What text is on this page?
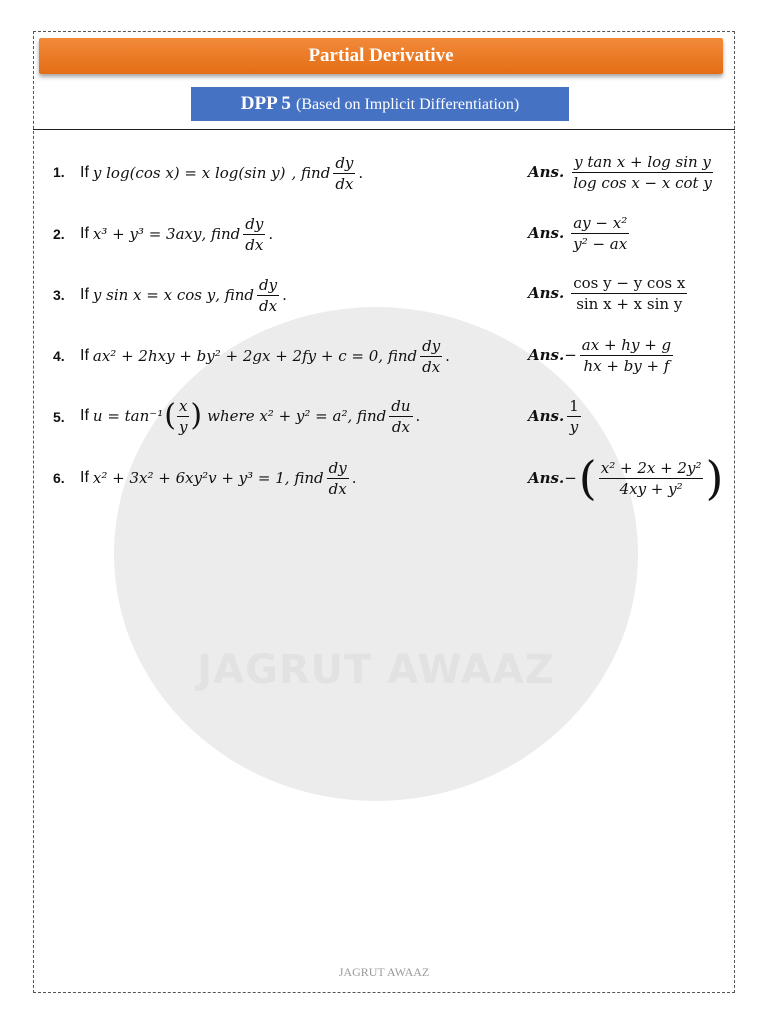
JAGRUT AWAAZ
Partial Derivative
DPP 5 (Based on Implicit Differentiation)
1. If y log(cos x) = x log(sin y) , find $\frac{dy}{dx}$ .	Ans. $\frac{\text{y tan x + log sin y}}{\text{log cos x − x cot y}}$
2. If x³ + y³ = 3axy , find $\frac{dy}{dx}$ .	Ans. $\frac{\text{ay − x²}}{\text{y² − ax}}$
3. If y sin x = x cos y , find $\frac{dy}{dx}$ .	Ans. $\frac{\text{cos y − y cos x}}{\text{sin x + x sin y}}$
4. If ax² + 2hxy + by² + 2gx + 2fy + c = 0 , find $\frac{dy}{dx}$ .	Ans. − $\frac{ax + hy + g}{hx + by + f}$
5. If u = tan⁻¹ ( $\frac{x}{y}$ ) where x² + y² = a² , find $\frac{du}{dx}$ .	Ans. $\frac{1}{y}$
6. If x² + 3x² + 6xy²v + y³ = 1 , find $\frac{dy}{dx}$ .	Ans. − ( $\frac{\text{x² + 2x + 2y²}}{\text{4xy + y²}}$ )
JAGRUT AWAAZ
